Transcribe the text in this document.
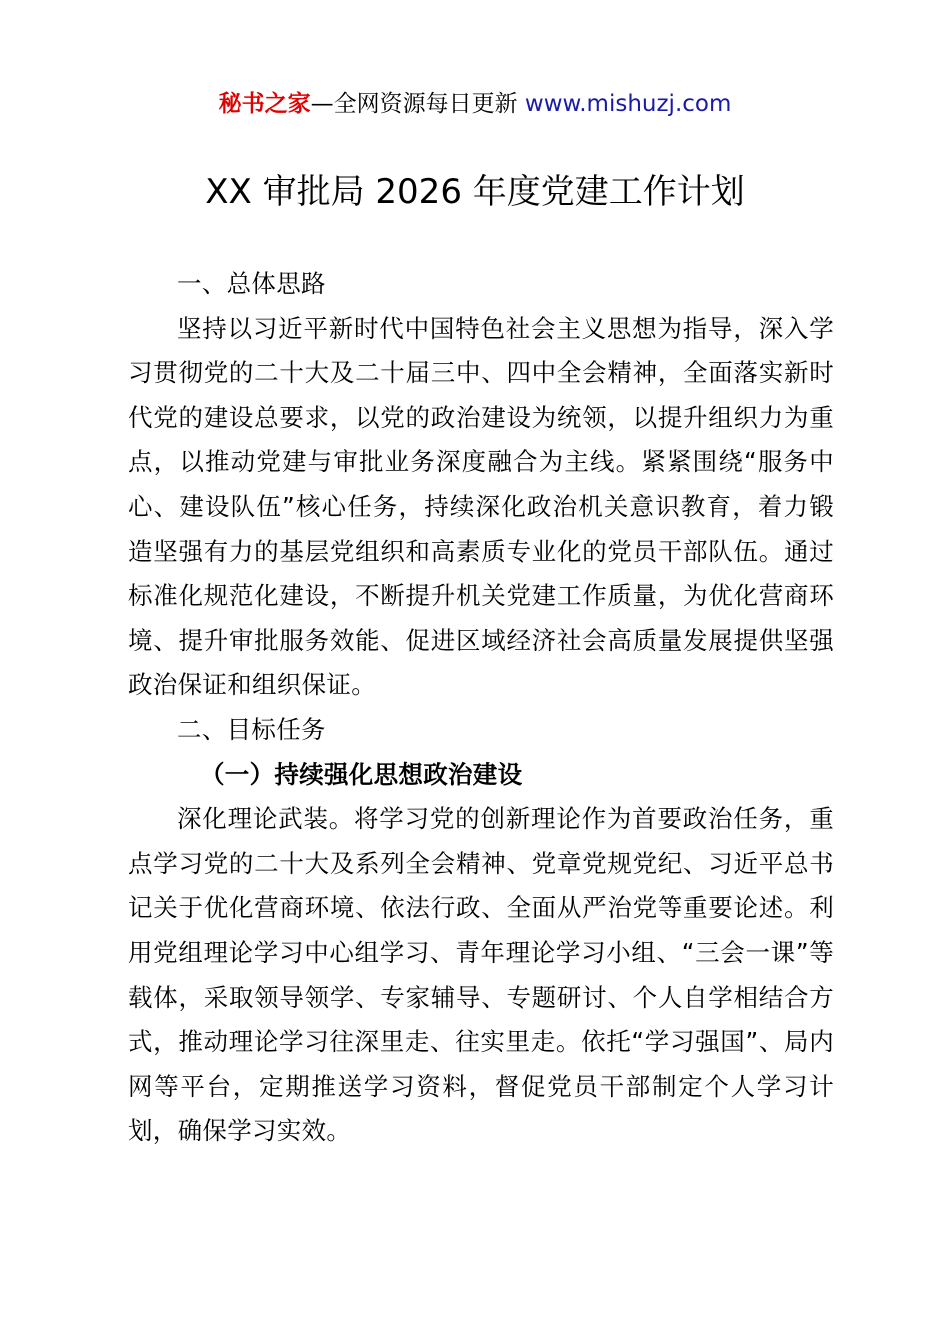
秘书之家—全网资源每日更新 www.mishuzj.com
XX 审批局 2026 年度党建工作计划

一、总体思路

坚持以习近平新时代中国特色社会主义思想为指导，深入学习贯彻党的二十大及二十届三中、四中全会精神，全面落实新时代党的建设总要求，以党的政治建设为统领，以提升组织力为重点，以推动党建与审批业务深度融合为主线。紧紧围绕“服务中心、建设队伍”核心任务，持续深化政治机关意识教育，着力锻造坚强有力的基层党组织和高素质专业化的党员干部队伍。通过标准化规范化建设，不断提升机关党建工作质量，为优化营商环境、提升审批服务效能、促进区域经济社会高质量发展提供坚强政治保证和组织保证。

二、目标任务

（一）持续强化思想政治建设

深化理论武装。将学习党的创新理论作为首要政治任务，重点学习党的二十大及系列全会精神、党章党规党纪、习近平总书记关于优化营商环境、依法行政、全面从严治党等重要论述。利用党组理论学习中心组学习、青年理论学习小组、“三会一课”等载体，采取领导领学、专家辅导、专题研讨、个人自学相结合方式，推动理论学习往深里走、往实里走。依托“学习强国”、局内网等平台，定期推送学习资料，督促党员干部制定个人学习计划，确保学习实效。
